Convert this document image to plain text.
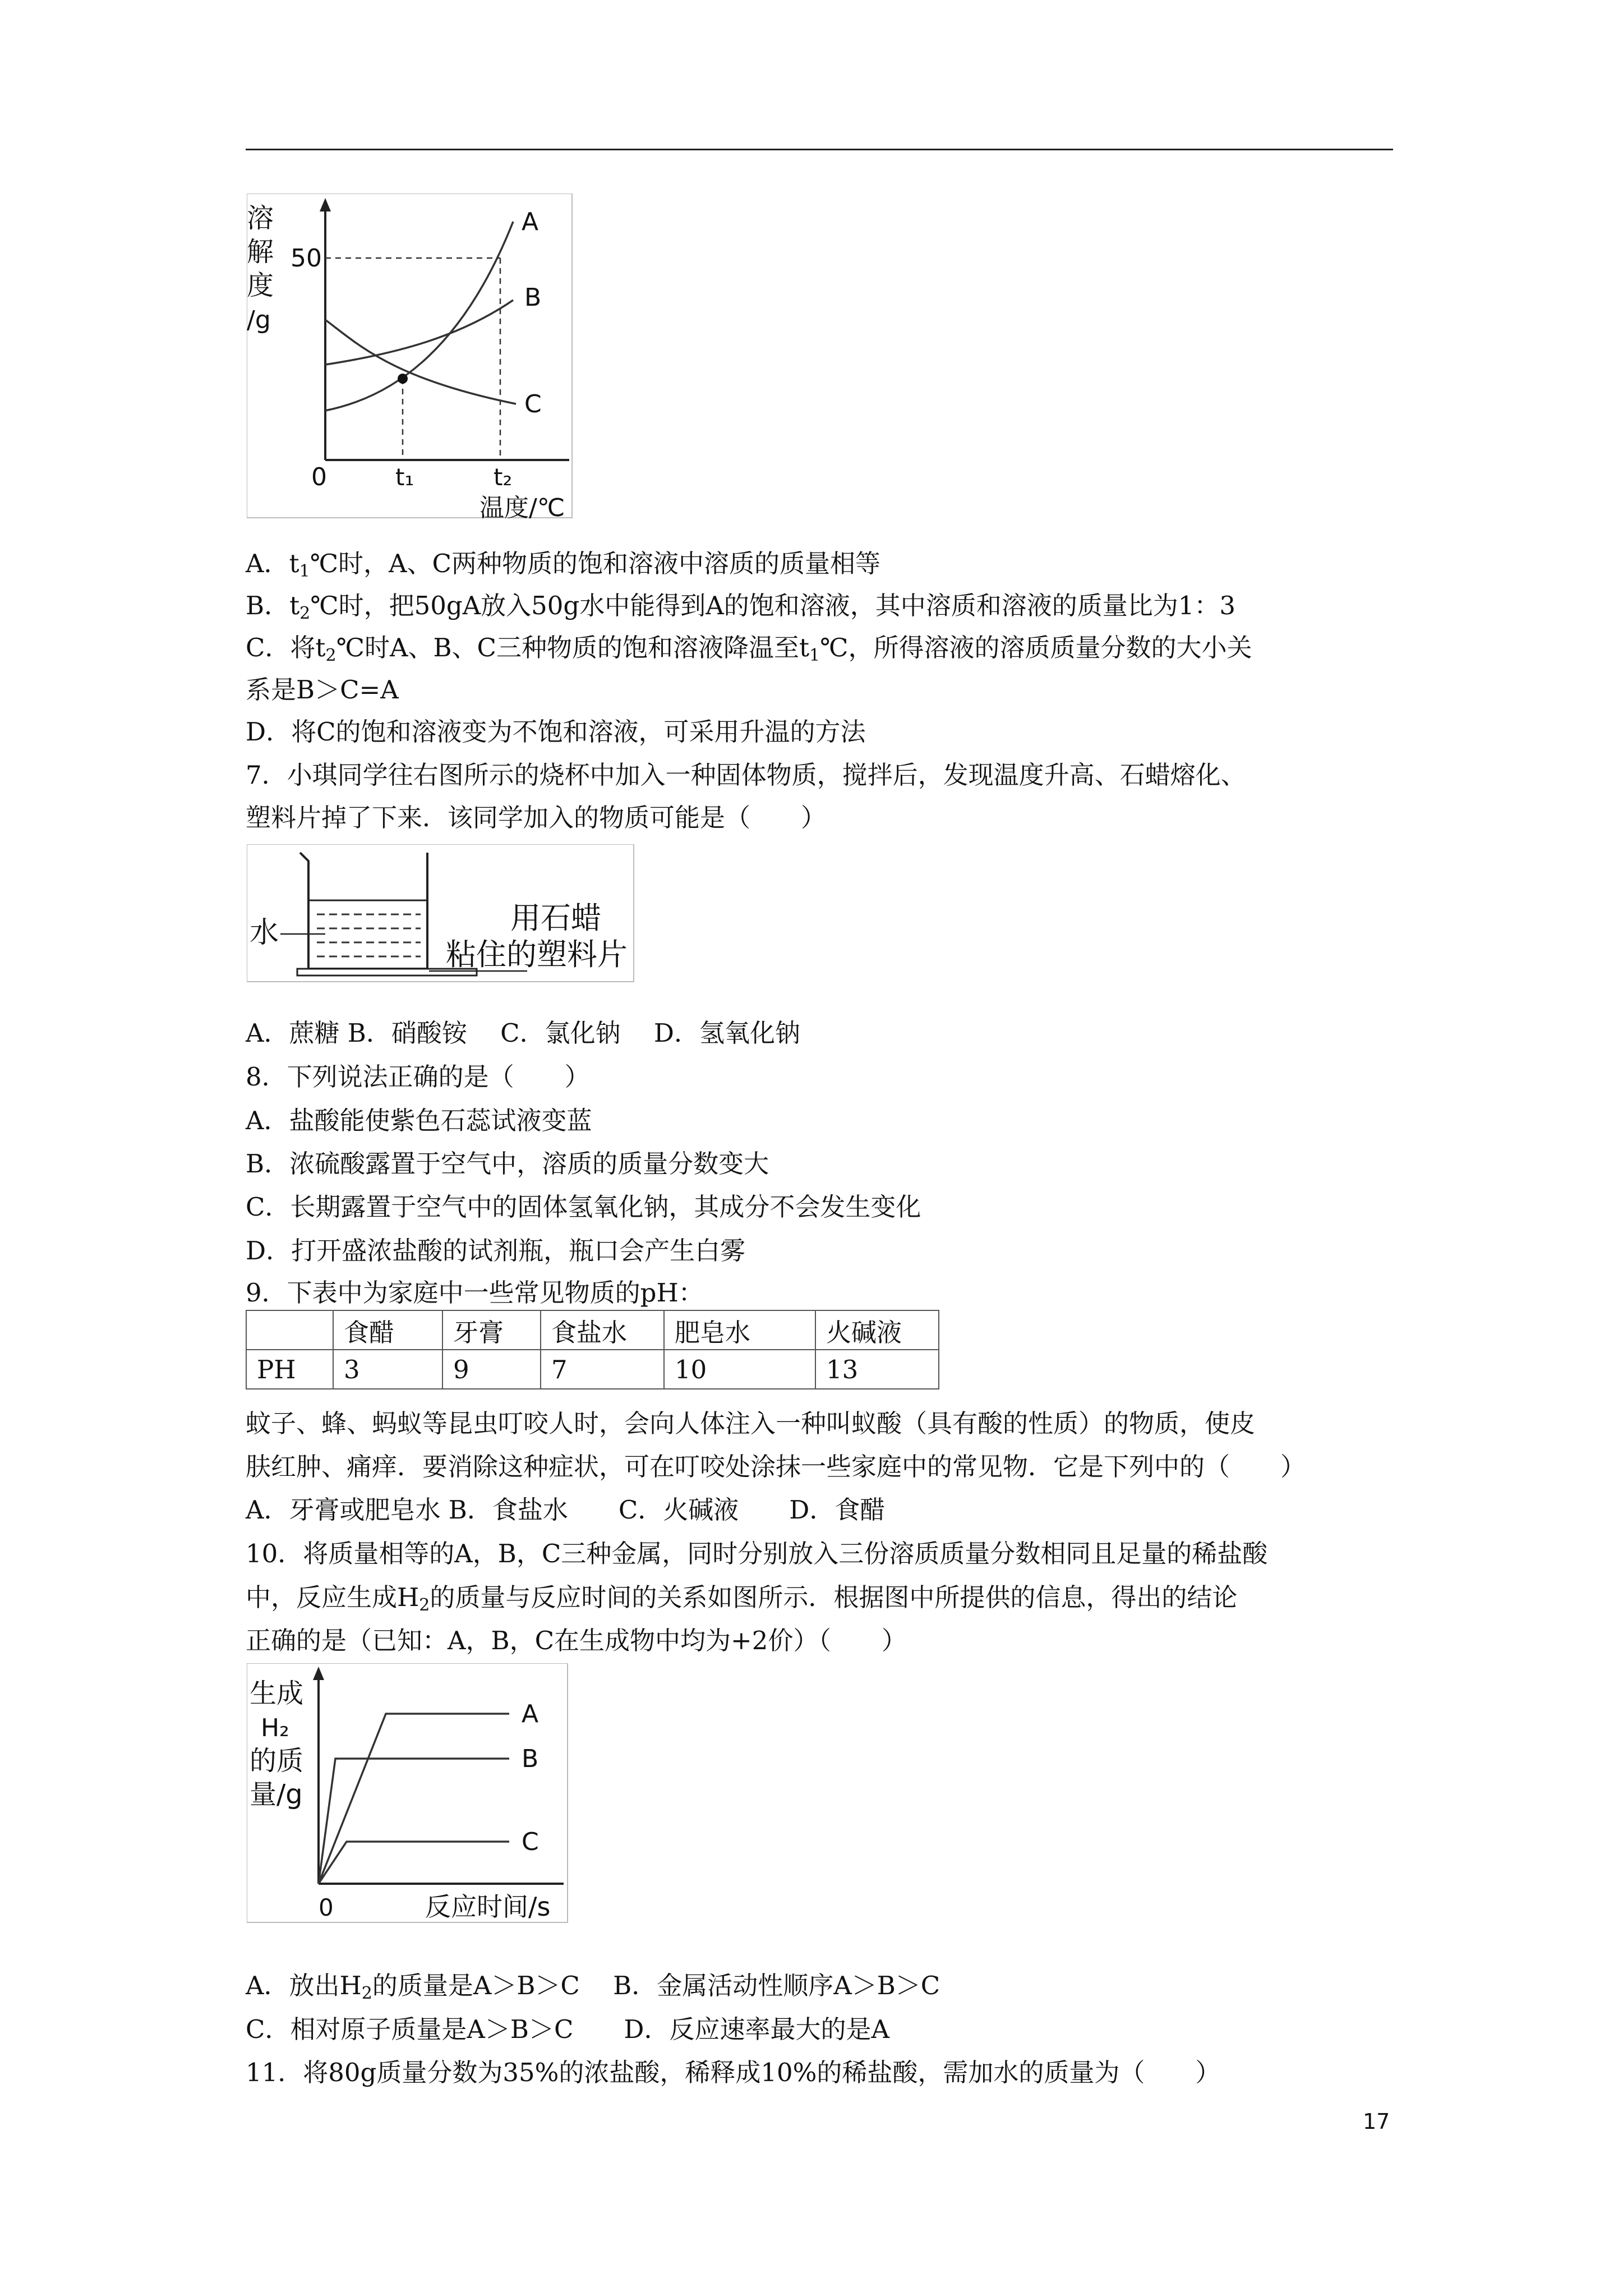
溶
解
度
/g
50
0	t₁	t₂
温度/℃
A
B
C
A．$t_1℃$时，A、C两种物质的饱和溶液中溶质的质量相等
B．$t_2℃$时，把50gA放入50g水中能得到A的饱和溶液，其中溶质和溶液的质量比为1：3
C．将$t_2℃$时A、B、C三种物质的饱和溶液降温至$t_1℃$，所得溶液的溶质质量分数的大小关
系是B＞C=A
D．将C的饱和溶液变为不饱和溶液，可采用升温的方法
7．小琪同学往右图所示的烧杯中加入一种固体物质，搅拌后，发现温度升高、石蜡熔化、
塑料片掉了下来．该同学加入的物质可能是（　　）
水	用石蜡
粘住的塑料片
A．蔗糖 B．硝酸铵　 C．氯化钠　 D．氢氧化钠
8．下列说法正确的是（　　）
A．盐酸能使紫色石蕊试液变蓝
B．浓硫酸露置于空气中，溶质的质量分数变大
C．长期露置于空气中的固体氢氧化钠，其成分不会发生变化
D．打开盛浓盐酸的试剂瓶，瓶口会产生白雾
9．下表中为家庭中一些常见物质的pH：
	食醋	牙膏	食盐水	肥皂水	火碱液
PH	3	9	7	10	13
蚊子、蜂、蚂蚁等昆虫叮咬人时，会向人体注入一种叫蚁酸（具有酸的性质）的物质，使皮
肤红肿、痛痒．要消除这种症状，可在叮咬处涂抹一些家庭中的常见物．它是下列中的（　　）
A．牙膏或肥皂水 B．食盐水　　C．火碱液　　D．食醋
10．将质量相等的A，B，C三种金属，同时分别放入三份溶质质量分数相同且足量的稀盐酸
中，反应生成$H_2$的质量与反应时间的关系如图所示．根据图中所提供的信息，得出的结论
正确的是（已知：A，B，C在生成物中均为+2价）（　　）
生成
H₂
的质
量/g
0	反应时间/s
A
B
C
A．放出$H_2$的质量是A＞B＞C　 B．金属活动性顺序A＞B＞C
C．相对原子质量是A＞B＞C　　D．反应速率最大的是A
11．将80g质量分数为35%的浓盐酸，稀释成10%的稀盐酸，需加水的质量为（　　）
17
